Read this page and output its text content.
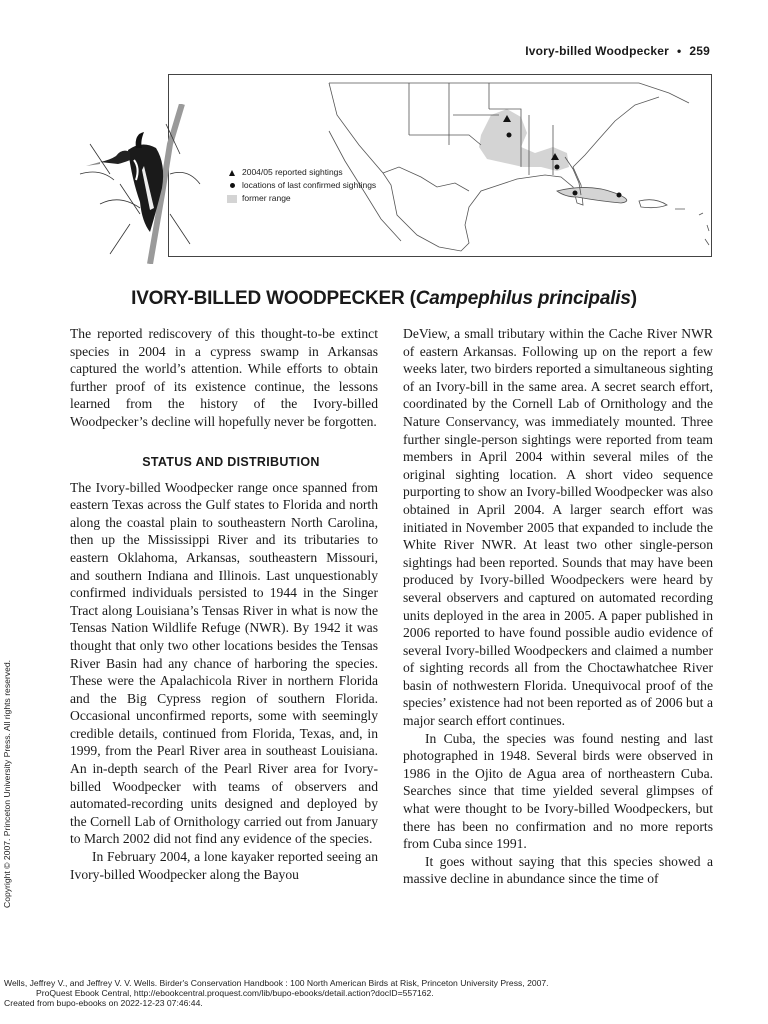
Ivory-billed Woodpecker • 259
2004/05 reported sightings
locations of last confirmed sightings
former range
IVORY-BILLED WOODPECKER (Campephilus principalis)

The reported rediscovery of this thought-to-be extinct species in 2004 in a cypress swamp in Arkansas captured the world’s attention. While efforts to obtain further proof of its existence continue, the lessons learned from the history of the Ivory-billed Woodpecker’s decline will hopefully never be forgotten.

STATUS AND DISTRIBUTION

The Ivory-billed Woodpecker range once spanned from eastern Texas across the Gulf states to Florida and north along the coastal plain to southeastern North Carolina, then up the Mississippi River and its tributaries to eastern Oklahoma, Arkansas, southeastern Missouri, and southern Indiana and Illinois. Last unquestionably confirmed individuals persisted to 1944 in the Singer Tract along Louisiana’s Tensas River in what is now the Tensas Nation Wildlife Refuge (NWR). By 1942 it was thought that only two other locations besides the Tensas River Basin had any chance of harboring the species. These were the Apalachicola River in northern Florida and the Big Cypress region of southern Florida. Occasional unconfirmed reports, some with seemingly credible details, continued from Florida, Texas, and, in 1999, from the Pearl River area in southeast Louisiana. An in-depth search of the Pearl River area for Ivory-billed Woodpecker with teams of observers and automated-recording units designed and deployed by the Cornell Lab of Ornithology carried out from January to March 2002 did not find any evidence of the species.

In February 2004, a lone kayaker reported seeing an Ivory-billed Woodpecker along the Bayou

DeView, a small tributary within the Cache River NWR of eastern Arkansas. Following up on the report a few weeks later, two birders reported a simultaneous sighting of an Ivory-bill in the same area. A secret search effort, coordinated by the Cornell Lab of Ornithology and the Nature Conservancy, was immediately mounted. Three further single-person sightings were reported from team members in April 2004 within several miles of the original sighting location. A short video sequence purporting to show an Ivory-billed Woodpecker was also obtained in April 2004. A larger search effort was initiated in November 2005 that expanded to include the White River NWR. At least two other single-person sightings had been reported. Sounds that may have been produced by Ivory-billed Woodpeckers were heard by several observers and captured on automated recording units deployed in the area in 2005. A paper published in 2006 reported to have found possible audio evidence of several Ivory-billed Woodpeckers and claimed a number of sighting records all from the Choctawhatchee River basin of nothwestern Florida. Unequivocal proof of the species’ existence had not been reported as of 2006 but a major search effort continues.

In Cuba, the species was found nesting and last photographed in 1948. Several birds were observed in 1986 in the Ojito de Agua area of northeastern Cuba. Searches since that time yielded several glimpses of what were thought to be Ivory-billed Woodpeckers, but there has been no confirmation and no more reports from Cuba since 1991.

It goes without saying that this species showed a massive decline in abundance since the time of

Copyright © 2007. Princeton University Press. All rights reserved.
Wells, Jeffrey V., and Jeffrey V. V. Wells. Birder's Conservation Handbook : 100 North American Birds at Risk, Princeton University Press, 2007.
ProQuest Ebook Central, http://ebookcentral.proquest.com/lib/bupo-ebooks/detail.action?docID=557162.
Created from bupo-ebooks on 2022-12-23 07:46:44.
